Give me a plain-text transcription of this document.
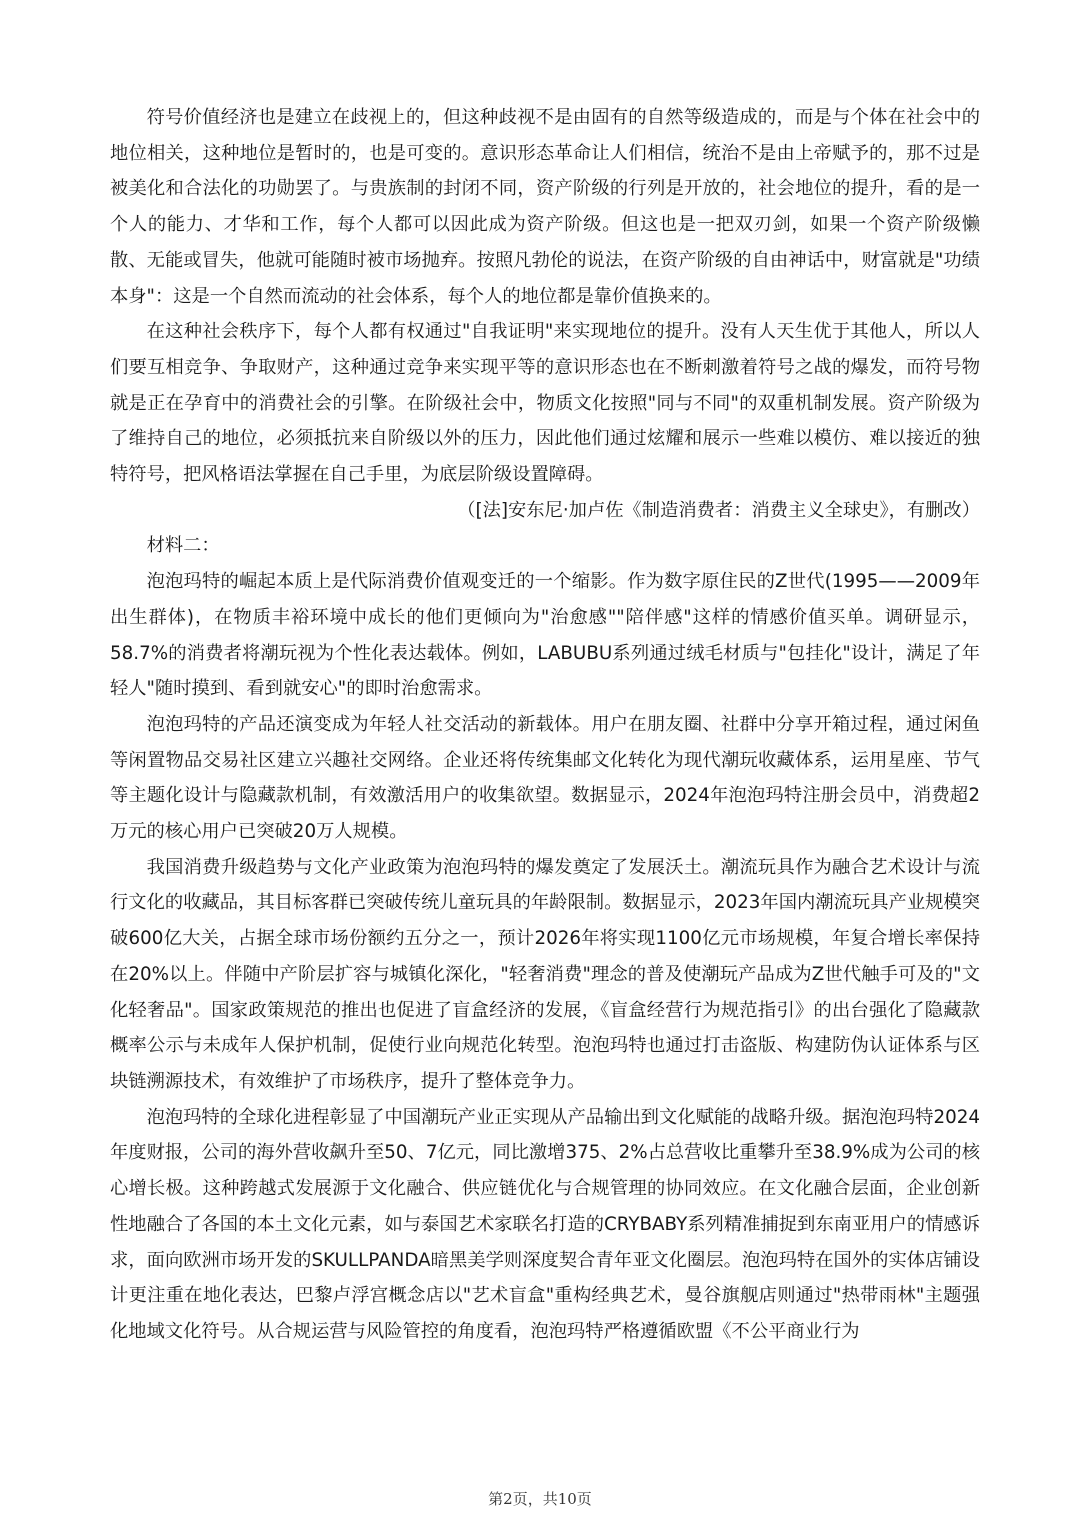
符号价值经济也是建立在歧视上的，但这种歧视不是由固有的自然等级造成的，而是与个体在社会中的地位相关，这种地位是暂时的，也是可变的。意识形态革命让人们相信，统治不是由上帝赋予的，那不过是被美化和合法化的功勋罢了。与贵族制的封闭不同，资产阶级的行列是开放的，社会地位的提升，看的是一个人的能力、才华和工作，每个人都可以因此成为资产阶级。但这也是一把双刃剑，如果一个资产阶级懒散、无能或冒失，他就可能随时被市场抛弃。按照凡勃伦的说法，在资产阶级的自由神话中，财富就是"功绩本身"：这是一个自然而流动的社会体系，每个人的地位都是靠价值换来的。

在这种社会秩序下，每个人都有权通过"自我证明"来实现地位的提升。没有人天生优于其他人，所以人们要互相竞争、争取财产，这种通过竞争来实现平等的意识形态也在不断刺激着符号之战的爆发，而符号物就是正在孕育中的消费社会的引擎。在阶级社会中，物质文化按照"同与不同"的双重机制发展。资产阶级为了维持自己的地位，必须抵抗来自阶级以外的压力，因此他们通过炫耀和展示一些难以模仿、难以接近的独特符号，把风格语法掌握在自己手里，为底层阶级设置障碍。

（[法]安东尼·加卢佐《制造消费者：消费主义全球史》，有删改）

材料二：

泡泡玛特的崛起本质上是代际消费价值观变迁的一个缩影。作为数字原住民的Z世代(1995——2009年出生群体)，在物质丰裕环境中成长的他们更倾向为"治愈感""陪伴感"这样的情感价值买单。调研显示，58.7%的消费者将潮玩视为个性化表达载体。例如，LABUBU系列通过绒毛材质与"包挂化"设计，满足了年轻人"随时摸到、看到就安心"的即时治愈需求。

泡泡玛特的产品还演变成为年轻人社交活动的新载体。用户在朋友圈、社群中分享开箱过程，通过闲鱼等闲置物品交易社区建立兴趣社交网络。企业还将传统集邮文化转化为现代潮玩收藏体系，运用星座、节气等主题化设计与隐藏款机制，有效激活用户的收集欲望。数据显示，2024年泡泡玛特注册会员中，消费超2万元的核心用户已突破20万人规模。

我国消费升级趋势与文化产业政策为泡泡玛特的爆发奠定了发展沃土。潮流玩具作为融合艺术设计与流行文化的收藏品，其目标客群已突破传统儿童玩具的年龄限制。数据显示，2023年国内潮流玩具产业规模突破600亿大关，占据全球市场份额约五分之一，预计2026年将实现1100亿元市场规模，年复合增长率保持在20%以上。伴随中产阶层扩容与城镇化深化，"轻奢消费"理念的普及使潮玩产品成为Z世代触手可及的"文化轻奢品"。国家政策规范的推出也促进了盲盒经济的发展，《盲盒经营行为规范指引》的出台强化了隐藏款概率公示与未成年人保护机制，促使行业向规范化转型。泡泡玛特也通过打击盗版、构建防伪认证体系与区块链溯源技术，有效维护了市场秩序，提升了整体竞争力。

泡泡玛特的全球化进程彰显了中国潮玩产业正实现从产品输出到文化赋能的战略升级。据泡泡玛特2024年度财报，公司的海外营收飙升至50、7亿元，同比激增375、2%占总营收比重攀升至38.9%成为公司的核心增长极。这种跨越式发展源于文化融合、供应链优化与合规管理的协同效应。在文化融合层面，企业创新性地融合了各国的本土文化元素，如与泰国艺术家联名打造的CRYBABY系列精准捕捉到东南亚用户的情感诉求，面向欧洲市场开发的SKULLPANDA暗黑美学则深度契合青年亚文化圈层。泡泡玛特在国外的实体店铺设计更注重在地化表达，巴黎卢浮宫概念店以"艺术盲盒"重构经典艺术，曼谷旗舰店则通过"热带雨林"主题强化地域文化符号。从合规运营与风险管控的角度看，泡泡玛特严格遵循欧盟《不公平商业行为

第2页，共10页
